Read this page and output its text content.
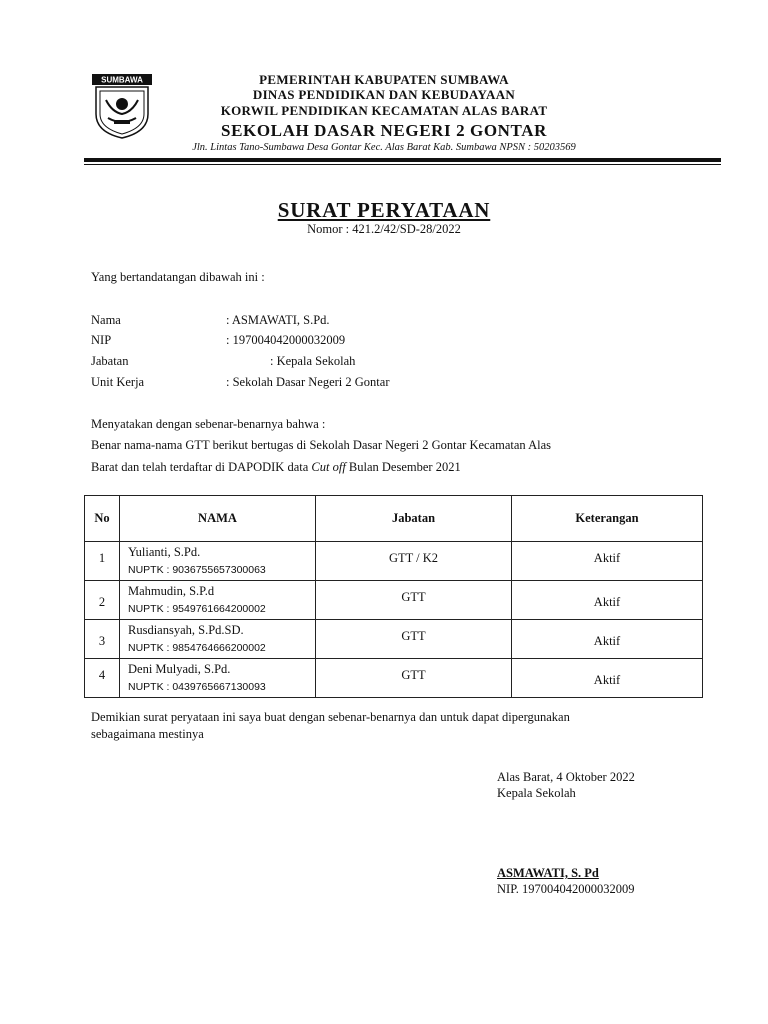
SUMBAWA	PEMERINTAH KABUPATEN SUMBAWA
DINAS PENDIDIKAN DAN KEBUDAYAAN
KORWIL PENDIDIKAN KECAMATAN ALAS BARAT
SEKOLAH DASAR NEGERI 2 GONTAR
Jln. Lintas Tano-Sumbawa Desa Gontar Kec. Alas Barat Kab. Sumbawa NPSN : 50203569
SURAT PERYATAAN
Nomor : 421.2/42/SD-28/2022
Yang bertandatangan dibawah ini :
Nama	: ASMAWATI, S.Pd.
NIP	: 197004042000032009
Jabatan	: Kepala Sekolah
Unit Kerja	: Sekolah Dasar Negeri 2 Gontar
Menyatakan dengan sebenar-benarnya bahwa :
Benar nama-nama GTT berikut bertugas di Sekolah Dasar Negeri 2 Gontar Kecamatan Alas
Barat dan telah terdaftar di DAPODIK data Cut off Bulan Desember 2021
No	NAMA	Jabatan	Keterangan

1	Yulianti, S.Pd.
NUPTK : 9036755657300063	GTT / K2	Aktif

2	Mahmudin, S.P.d
NUPTK : 9549761664200002	GTT	Aktif

3	Rusdiansyah, S.Pd.SD.
NUPTK : 9854764666200002	GTT	Aktif

4	Deni Mulyadi, S.Pd.
NUPTK : 0439765667130093	GTT	Aktif
Demikian surat peryataan ini saya buat dengan sebenar-benarnya dan untuk dapat dipergunakan
sebagaimana mestinya
Alas Barat, 4 Oktober 2022
Kepala Sekolah
ASMAWATI, S. Pd
NIP. 197004042000032009
